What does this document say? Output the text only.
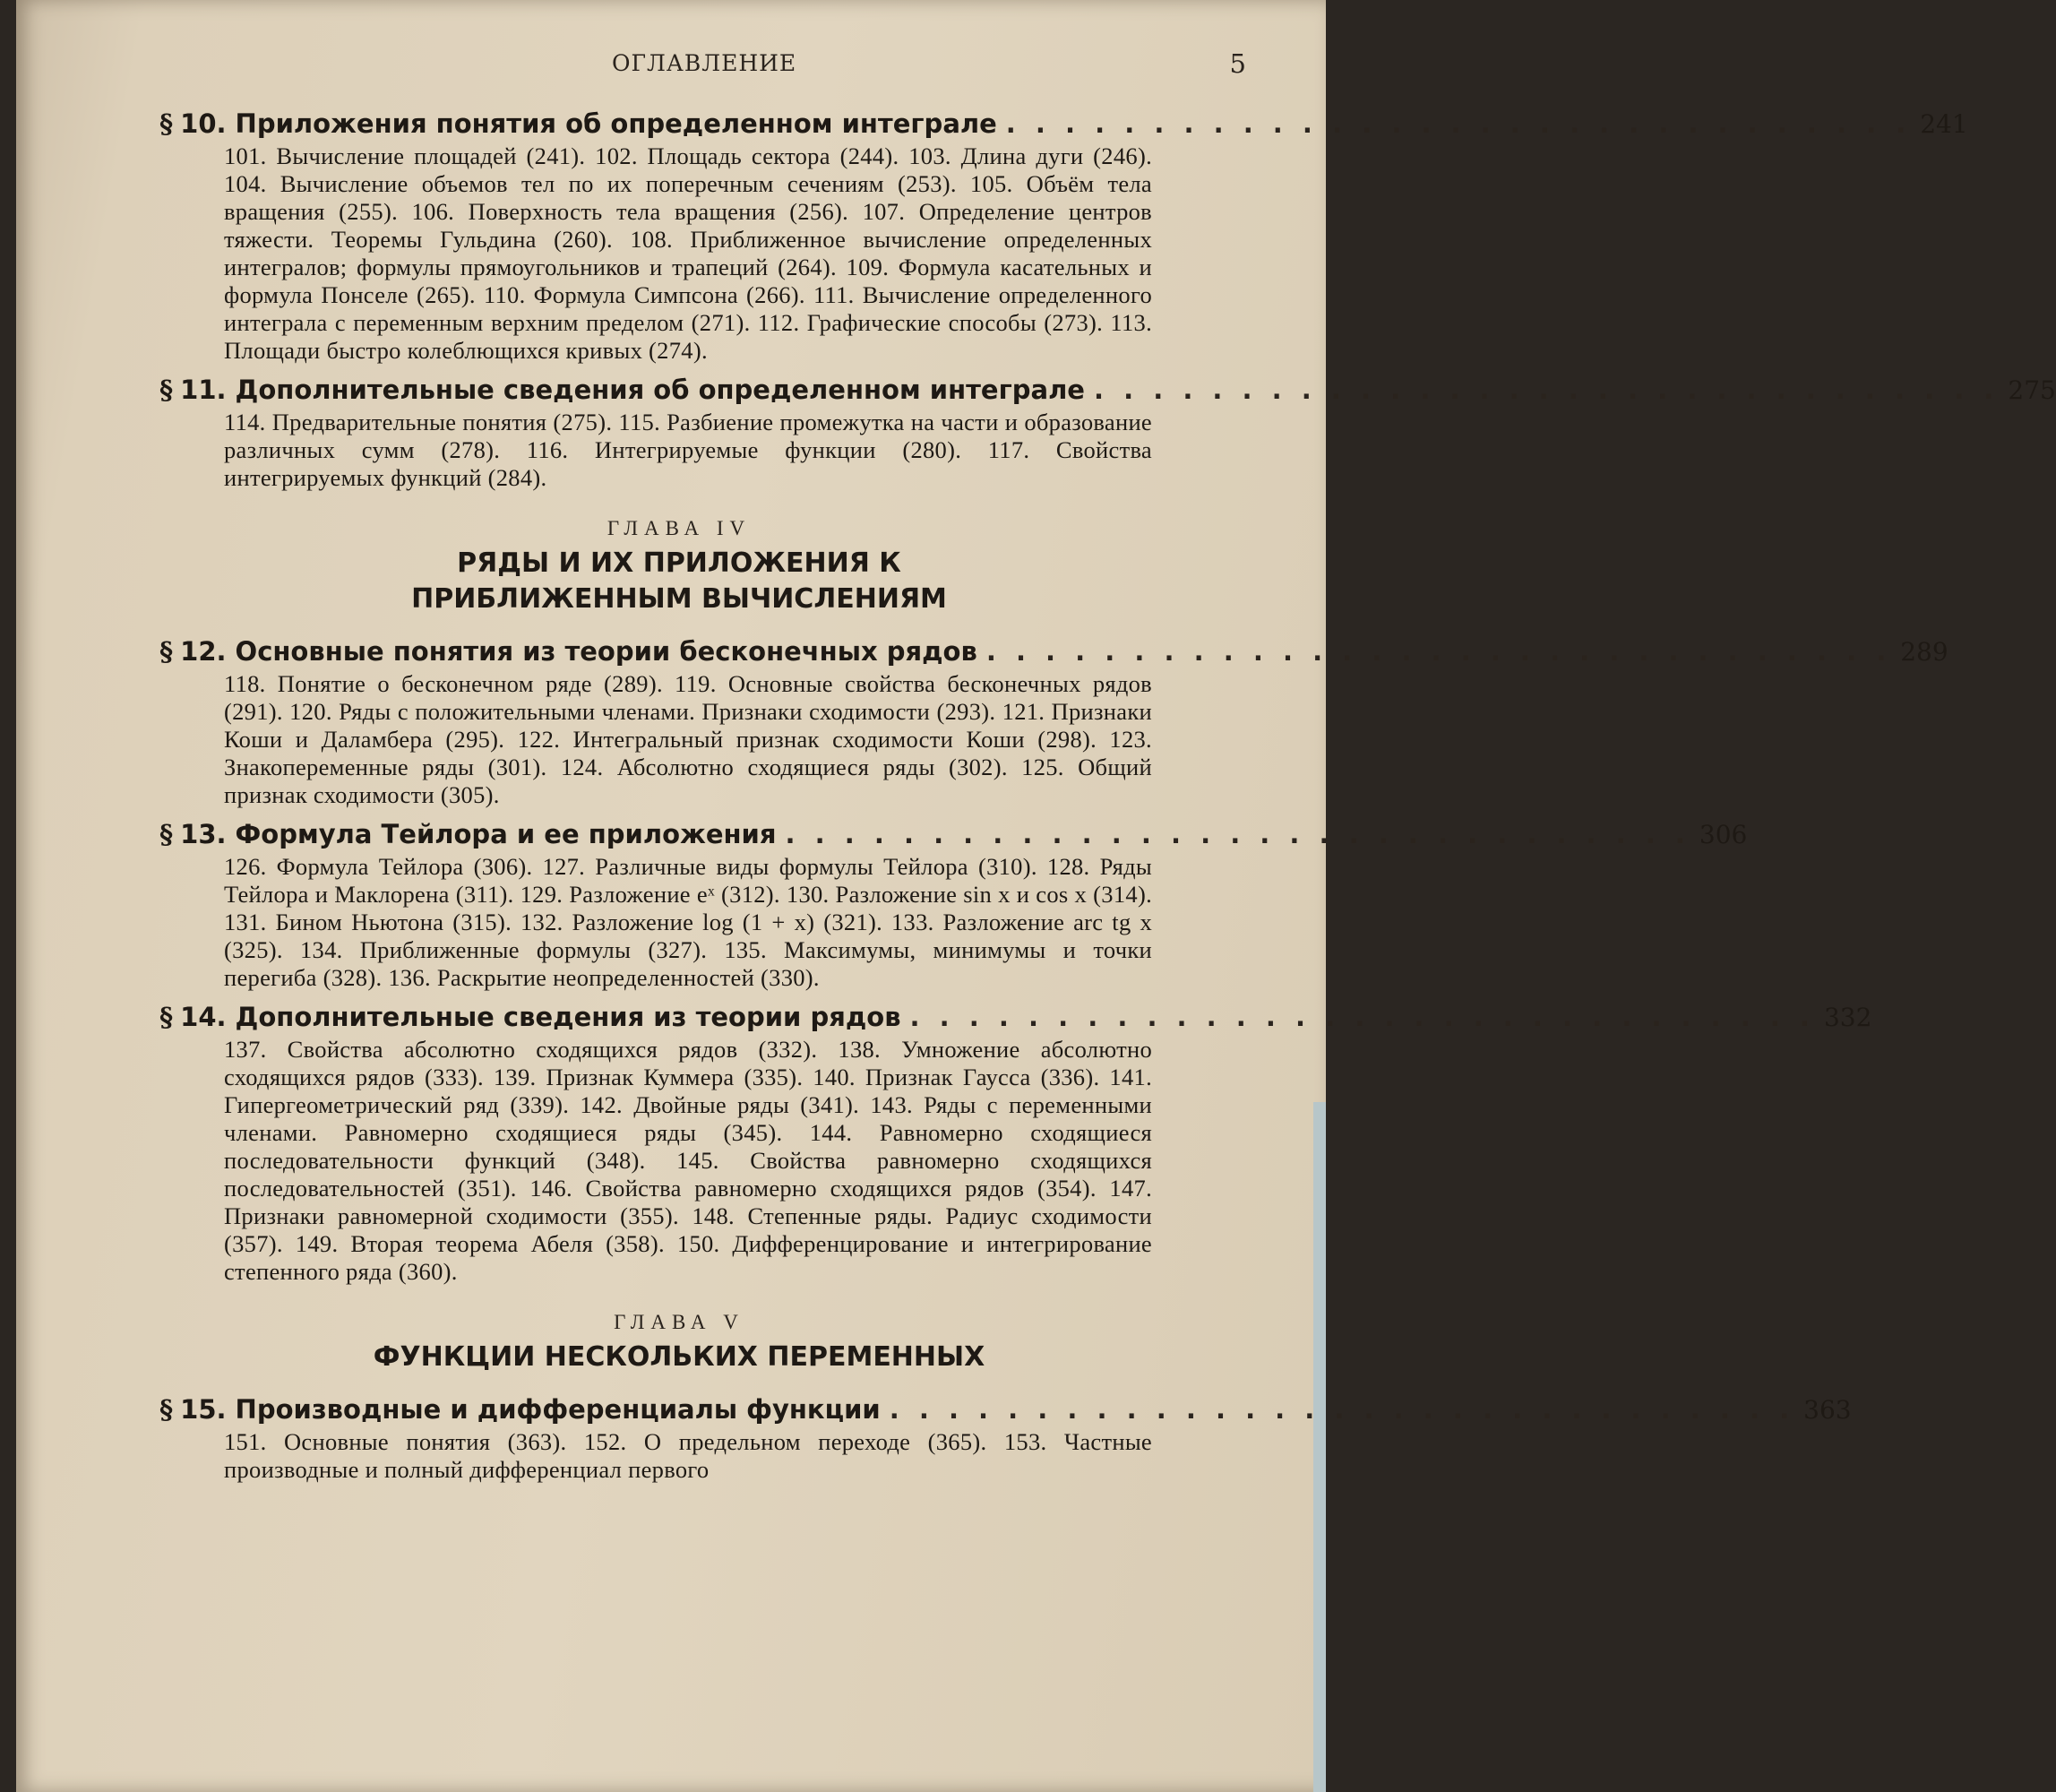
ОГЛАВЛЕНИЕ	5
§ 10. Приложения понятия об определенном интеграле . . . . . . . . . . . . . . . . . . . . . . . . . . . . . . . 241
101. Вычисление площадей (241). 102. Площадь сектора (244). 103. Длина дуги (246). 104. Вычисление объемов тел по их поперечным сечениям (253). 105. Объём тела вращения (255). 106. Поверхность тела вращения (256). 107. Определение центров тяжести. Теоремы Гульдина (260). 108. Приближенное вычисление определенных интегралов; формулы прямоугольников и трапеций (264). 109. Формула касательных и формула Понселе (265). 110. Формула Симпсона (266). 111. Вычисление определенного интеграла с переменным верхним пределом (271). 112. Графические способы (273). 113. Площади быстро колеблющихся кривых (274).
§ 11. Дополнительные сведения об определенном интеграле . . . . . . . . . . . . . . . . . . . . . . . . . . . . . . . 275
114. Предварительные понятия (275). 115. Разбиение промежутка на части и образование различных сумм (278). 116. Интегрируемые функции (280). 117. Свойства интегрируемых функций (284).
ГЛАВА IV
РЯДЫ И ИХ ПРИЛОЖЕНИЯ К ПРИБЛИЖЕННЫМ ВЫЧИСЛЕНИЯМ
§ 12. Основные понятия из теории бесконечных рядов . . . . . . . . . . . . . . . . . . . . . . . . . . . . . . . 289
118. Понятие о бесконечном ряде (289). 119. Основные свойства бесконечных рядов (291). 120. Ряды с положительными членами. Признаки сходимости (293). 121. Признаки Коши и Даламбера (295). 122. Интегральный признак сходимости Коши (298). 123. Знакопеременные ряды (301). 124. Абсолютно сходящиеся ряды (302). 125. Общий признак сходимости (305).
§ 13. Формула Тейлора и ее приложения . . . . . . . . . . . . . . . . . . . . . . . . . . . . . . . 306
126. Формула Тейлора (306). 127. Различные виды формулы Тейлора (310). 128. Ряды Тейлора и Маклорена (311). 129. Разложение eˣ (312). 130. Разложение sin x и cos x (314). 131. Бином Ньютона (315). 132. Разложение log (1 + x) (321). 133. Разложение arc tg x (325). 134. Приближенные формулы (327). 135. Максимумы, минимумы и точки перегиба (328). 136. Раскрытие неопределенностей (330).
§ 14. Дополнительные сведения из теории рядов . . . . . . . . . . . . . . . . . . . . . . . . . . . . . . . 332
137. Свойства абсолютно сходящихся рядов (332). 138. Умножение абсолютно сходящихся рядов (333). 139. Признак Куммера (335). 140. Признак Гаусса (336). 141. Гипергеометрический ряд (339). 142. Двойные ряды (341). 143. Ряды с переменными членами. Равномерно сходящиеся ряды (345). 144. Равномерно сходящиеся последовательности функций (348). 145. Свойства равномерно сходящихся последовательностей (351). 146. Свойства равномерно сходящихся рядов (354). 147. Признаки равномерной сходимости (355). 148. Степенные ряды. Радиус сходимости (357). 149. Вторая теорема Абеля (358). 150. Дифференцирование и интегрирование степенного ряда (360).
ГЛАВА V
ФУНКЦИИ НЕСКОЛЬКИХ ПЕРЕМЕННЫХ
§ 15. Производные и дифференциалы функции . . . . . . . . . . . . . . . . . . . . . . . . . . . . . . . 363
151. Основные понятия (363). 152. О предельном переходе (365). 153. Частные производные и полный дифференциал первого
